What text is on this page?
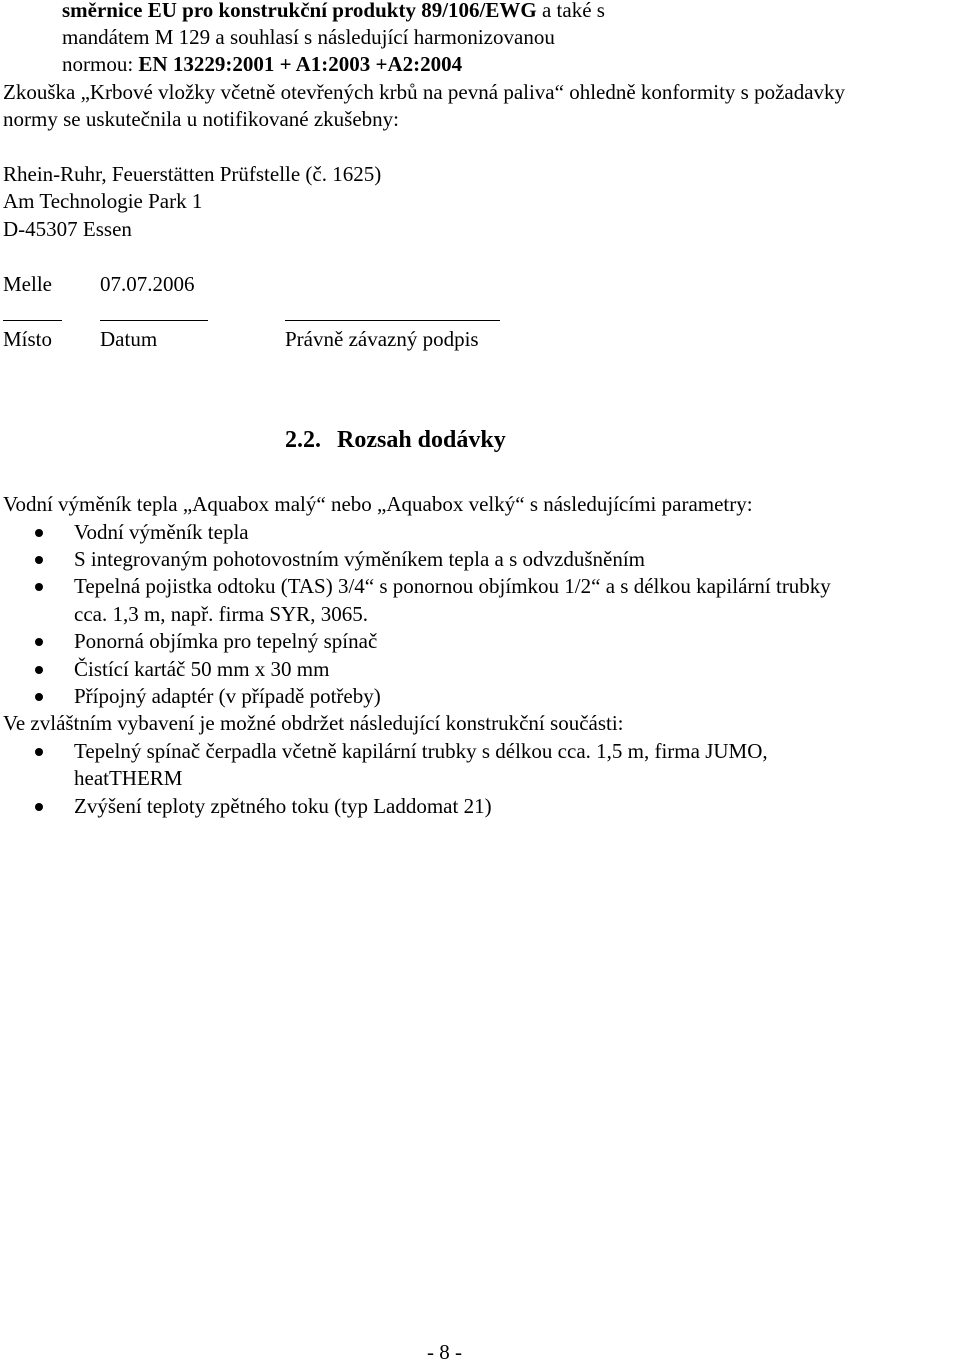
směrnice EU pro konstrukční produkty 89/106/EWG a také s
mandátem M 129 a souhlasí s následující harmonizovanou
normou: EN 13229:2001 + A1:2003 +A2:2004
Zkouška „Krbové vložky včetně otevřených krbů na pevná paliva“ ohledně konformity s požadavky
normy se uskutečnila u notifikované zkušebny:
Rhein-Ruhr, Feuerstätten Prüfstelle (č. 1625)
Am Technologie Park 1
D-45307 Essen
Melle 07.07.2006
Místo Datum	Právně závazný podpis
2.2. Rozsah dodávky
Vodní výměník tepla „Aquabox malý“ nebo „Aquabox velký“ s následujícími parametry:
Vodní výměník tepla
S integrovaným pohotovostním výměníkem tepla a s odvzdušněním
Tepelná pojistka odtoku (TAS) 3/4“ s ponornou objímkou 1/2“ a s délkou kapilární trubky
cca. 1,3 m, např. firma SYR, 3065.
Ponorná objímka pro tepelný spínač
Čistící kartáč 50 mm x 30 mm
Přípojný adaptér (v případě potřeby)
Ve zvláštním vybavení je možné obdržet následující konstrukční součásti:
Tepelný spínač čerpadla včetně kapilární trubky s délkou cca. 1,5 m, firma JUMO,
heatTHERM
Zvýšení teploty zpětného toku (typ Laddomat 21)
- 8 -
